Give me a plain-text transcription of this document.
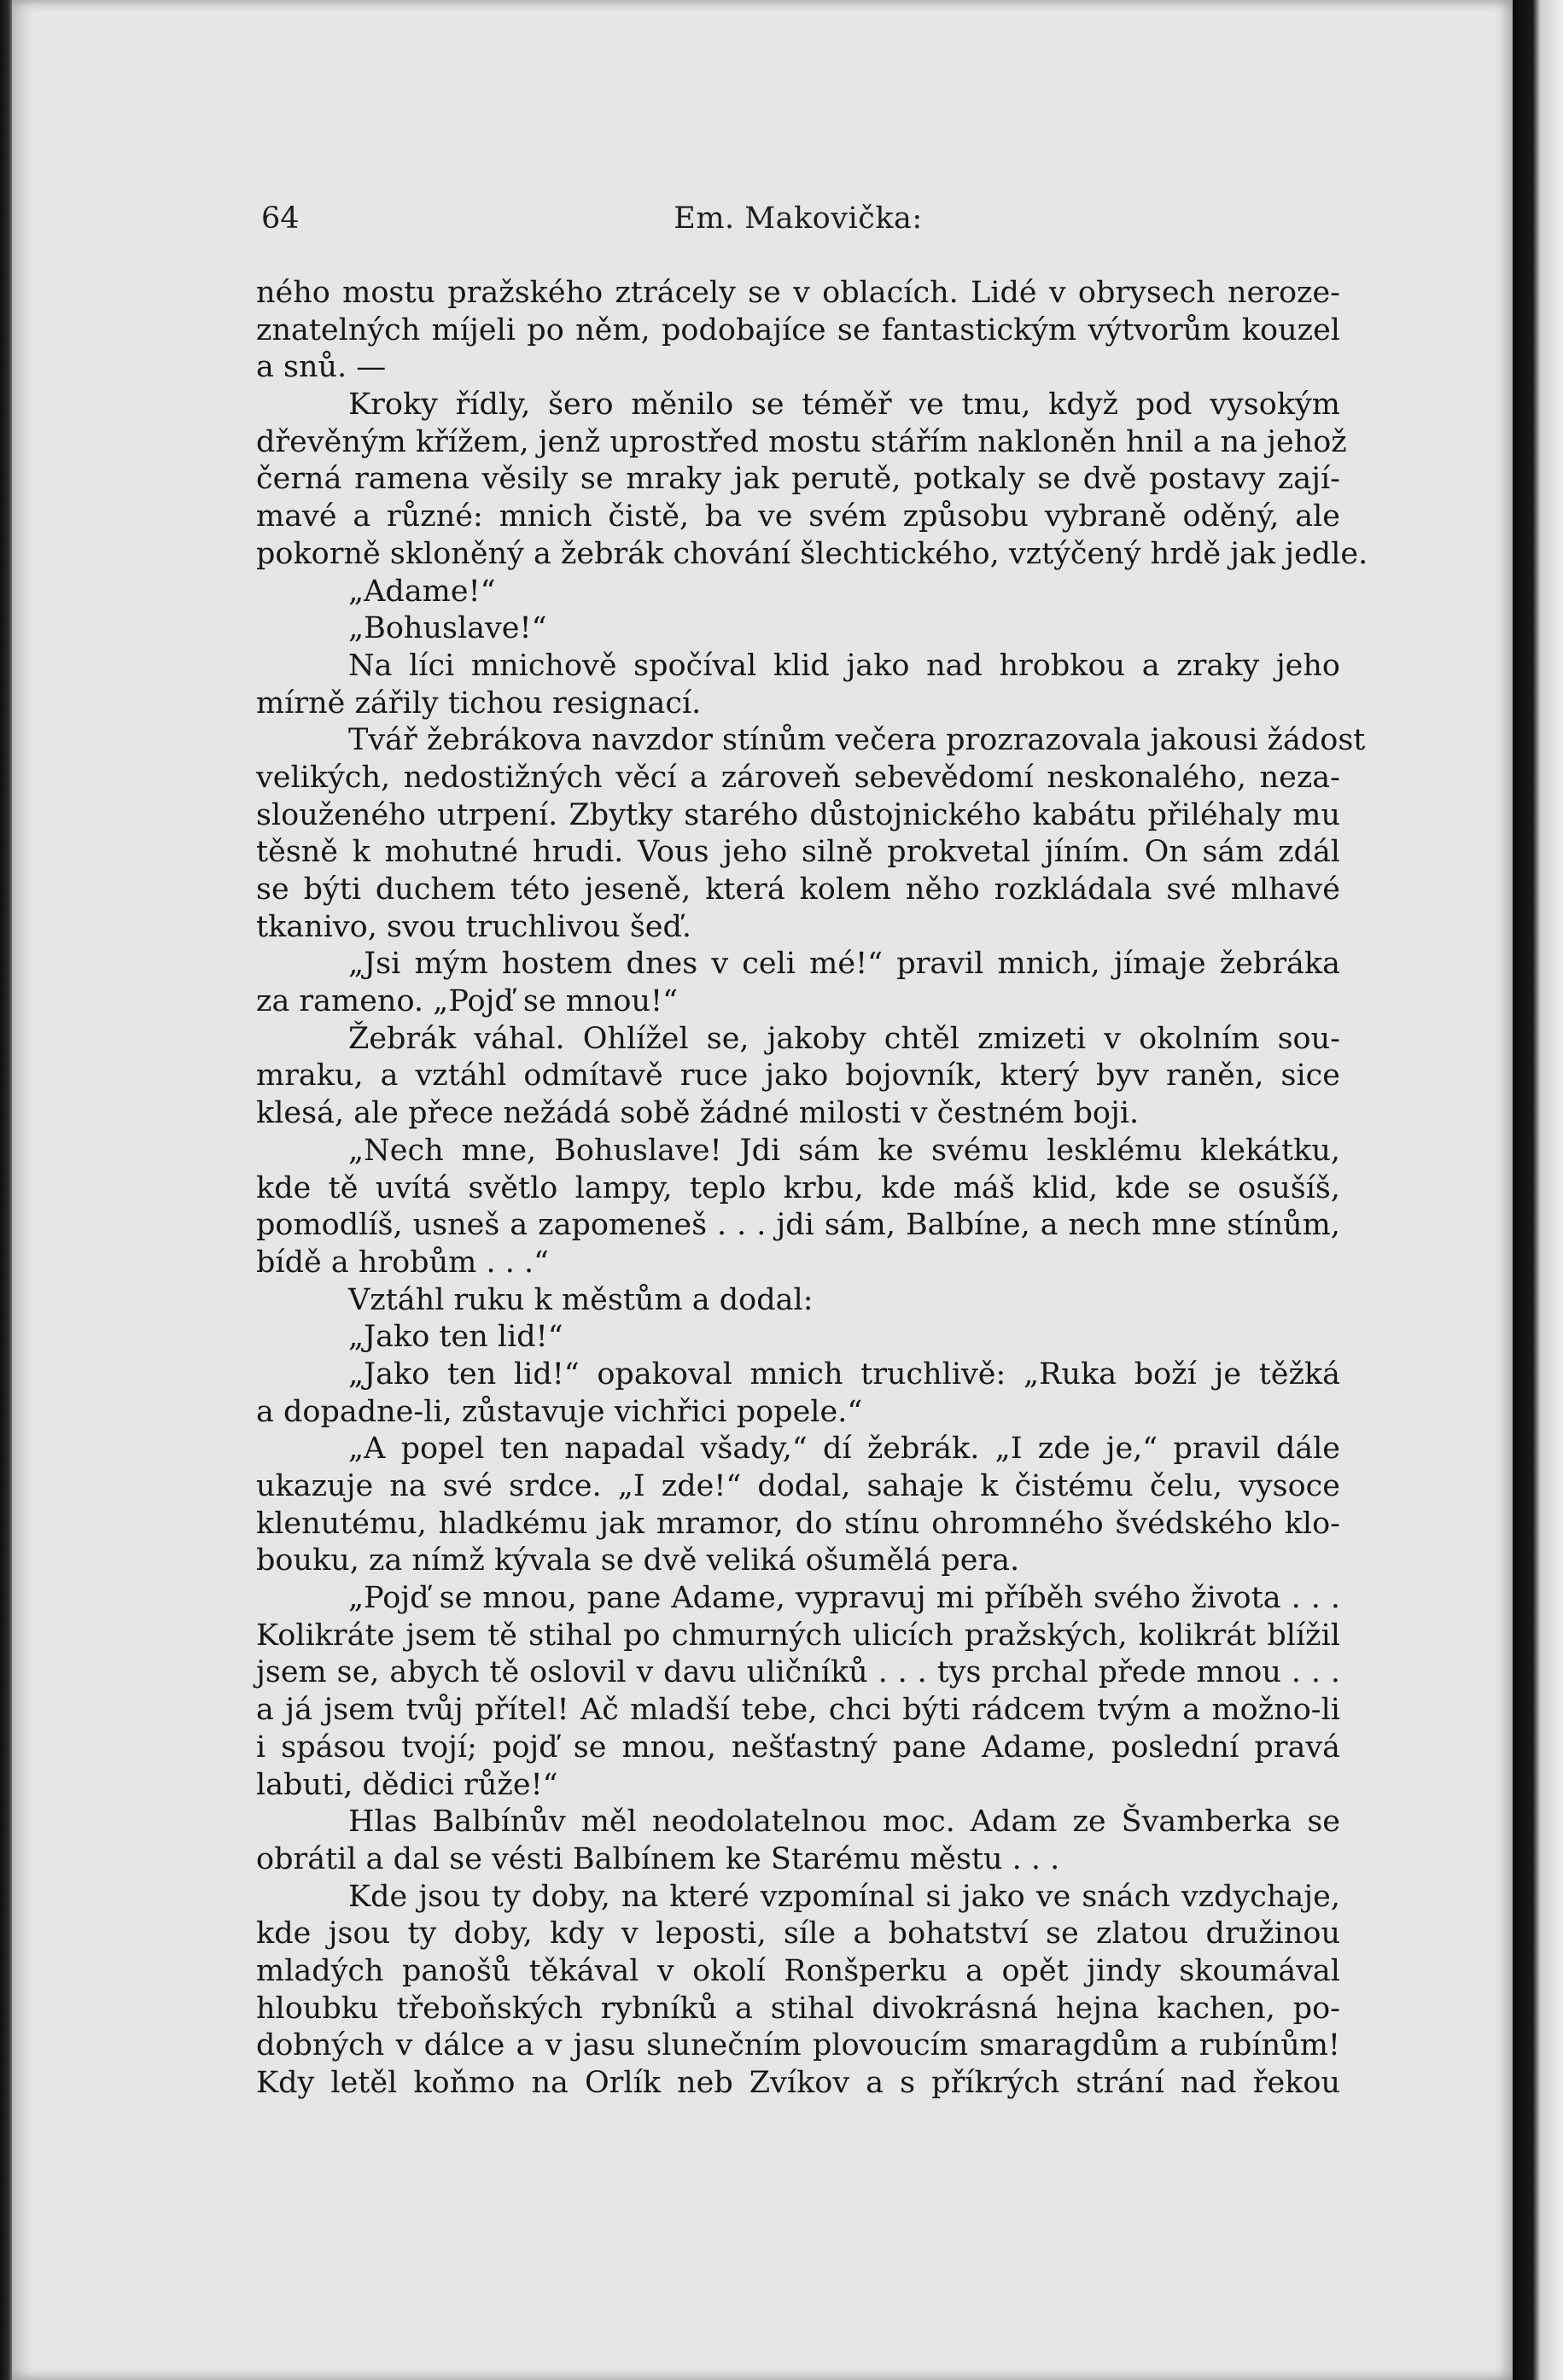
64	Em. Makovička:
ného mostu pražského ztrácely se v oblacích. Lidé v obrysech neroze-
znatelných míjeli po něm, podobajíce se fantastickým výtvorům kouzel
a snů. —
Kroky řídly, šero měnilo se téměř ve tmu, když pod vysokým
dřevěným křížem, jenž uprostřed mostu stářím nakloněn hnil a na jehož
černá ramena věsily se mraky jak perutě, potkaly se dvě postavy zají-
mavé a různé: mnich čistě, ba ve svém způsobu vybraně oděný, ale
pokorně skloněný a žebrák chování šlechtického, vztýčený hrdě jak jedle.
„Adame!“
„Bohuslave!“
Na líci mnichově spočíval klid jako nad hrobkou a zraky jeho
mírně zářily tichou resignací.
Tvář žebrákova navzdor stínům večera prozrazovala jakousi žádost
velikých, nedostižných věcí a zároveň sebevědomí neskonalého, neza-
slouženého utrpení. Zbytky starého důstojnického kabátu přiléhaly mu
těsně k mohutné hrudi. Vous jeho silně prokvetal jíním. On sám zdál
se býti duchem této jeseně, která kolem něho rozkládala své mlhavé
tkanivo, svou truchlivou šeď.
„Jsi mým hostem dnes v celi mé!“ pravil mnich, jímaje žebráka
za rameno. „Pojď se mnou!“
Žebrák váhal. Ohlížel se, jakoby chtěl zmizeti v okolním sou-
mraku, a vztáhl odmítavě ruce jako bojovník, který byv raněn, sice
klesá, ale přece nežádá sobě žádné milosti v čestném boji.
„Nech mne, Bohuslave! Jdi sám ke svému lesklému klekátku,
kde tě uvítá světlo lampy, teplo krbu, kde máš klid, kde se osušíš,
pomodlíš, usneš a zapomeneš . . . jdi sám, Balbíne, a nech mne stínům,
bídě a hrobům . . .“
Vztáhl ruku k městům a dodal:
„Jako ten lid!“
„Jako ten lid!“ opakoval mnich truchlivě: „Ruka boží je těžká
a dopadne-li, zůstavuje vichřici popele.“
„A popel ten napadal všady,“ dí žebrák. „I zde je,“ pravil dále
ukazuje na své srdce. „I zde!“ dodal, sahaje k čistému čelu, vysoce
klenutému, hladkému jak mramor, do stínu ohromného švédského klo-
bouku, za nímž kývala se dvě veliká ošumělá pera.
„Pojď se mnou, pane Adame, vypravuj mi příběh svého života . . .
Kolikráte jsem tě stihal po chmurných ulicích pražských, kolikrát blížil
jsem se, abych tě oslovil v davu uličníků . . . tys prchal přede mnou . . .
a já jsem tvůj přítel! Ač mladší tebe, chci býti rádcem tvým a možno-li
i spásou tvojí; pojď se mnou, nešťastný pane Adame, poslední pravá
labuti, dědici růže!“
Hlas Balbínův měl neodolatelnou moc. Adam ze Švamberka se
obrátil a dal se vésti Balbínem ke Starému městu . . .
Kde jsou ty doby, na které vzpomínal si jako ve snách vzdychaje,
kde jsou ty doby, kdy v leposti, síle a bohatství se zlatou družinou
mladých panošů těkával v okolí Ronšperku a opět jindy skoumával
hloubku třeboňských rybníků a stihal divokrásná hejna kachen, po-
dobných v dálce a v jasu slunečním plovoucím smaragdům a rubínům!
Kdy letěl koňmo na Orlík neb Zvíkov a s příkrých strání nad řekou
